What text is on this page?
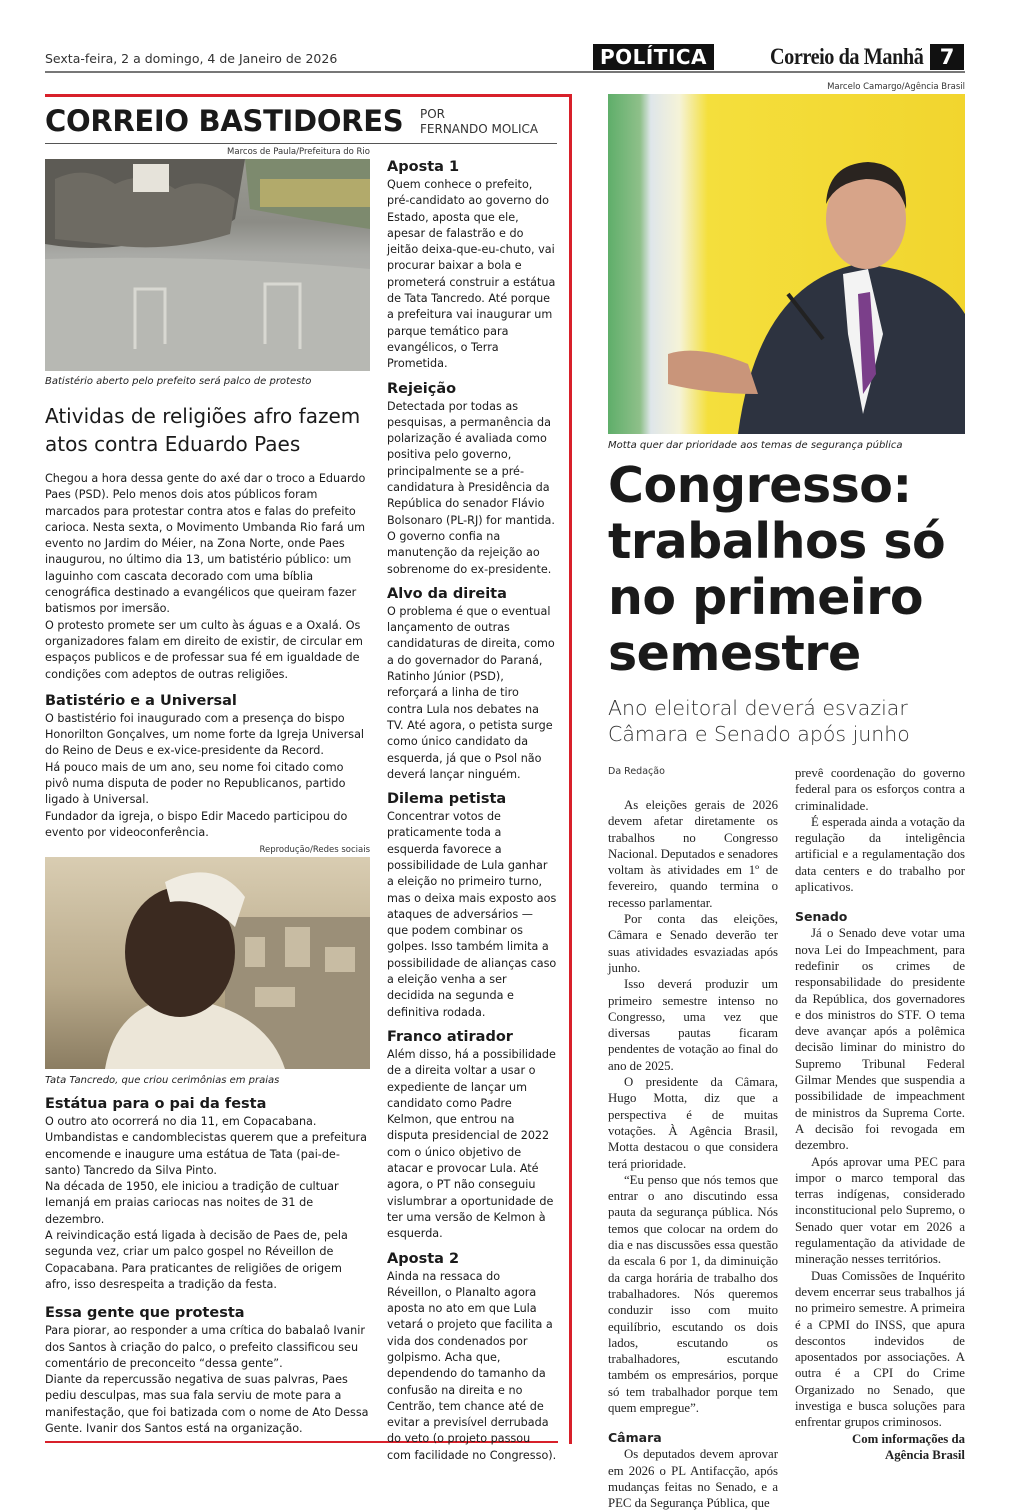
Sexta-feira, 2 a domingo, 4 de Janeiro de 2026	POLÍTICA	Correio da Manhã 7
CORREIO BASTIDORES POR
FERNANDO MOLICA
Marcos de Paula/Prefeitura do Rio
Batistério aberto pelo prefeito será palco de protesto
Atividas de religiões afro fazem atos contra Eduardo Paes

Chegou a hora dessa gente do axé dar o troco a Eduardo Paes (PSD). Pelo menos dois atos públicos foram marcados para protestar contra atos e falas do prefeito carioca. Nesta sexta, o Movimento Umbanda Rio fará um evento no Jardim do Méier, na Zona Norte, onde Paes inaugurou, no último dia 13, um batistério público: um laguinho com cascata decorado com uma bíblia cenográfica destinado a evangélicos que queiram fazer batismos por imersão.

O protesto promete ser um culto às águas e a Oxalá. Os organizadores falam em direito de existir, de circular em espaços publicos e de professar sua fé em igualdade de condições com adeptos de outras religiões.

Batistério e a Universal

O bastistério foi inaugurado com a presença do bispo Honorilton Gonçalves, um nome forte da Igreja Universal do Reino de Deus e ex-vice-presidente da Record.

Há pouco mais de um ano, seu nome foi citado como pivô numa disputa de poder no Republicanos, partido ligado à Universal.

Fundador da igreja, o bispo Edir Macedo participou do evento por videoconferência.

Reprodução/Redes sociais
Tata Tancredo, que criou cerimônias em praias
Estátua para o pai da festa

O outro ato ocorrerá no dia 11, em Copacabana. Umbandistas e candomblecistas querem que a prefeitura encomende e inaugure uma estátua de Tata (pai-de-santo) Tancredo da Silva Pinto.

Na década de 1950, ele iniciou a tradição de cultuar Iemanjá em praias cariocas nas noites de 31 de dezembro.

A reivindicação está ligada à decisão de Paes de, pela segunda vez, criar um palco gospel no Réveillon de Copacabana. Para praticantes de religiões de origem afro, isso desrespeita a tradição da festa.

Essa gente que protesta

Para piorar, ao responder a uma crítica do babalaô Ivanir dos Santos à criação do palco, o prefeito classificou seu comentário de preconceito “dessa gente”.

Diante da repercussão negativa de suas palvras, Paes pediu desculpas, mas sua fala serviu de mote para a manifestação, que foi batizada com o nome de Ato Dessa Gente. Ivanir dos Santos está na organização.

Aposta 1

Quem conhece o prefeito, pré-candidato ao governo do Estado, aposta que ele, apesar de falastrão e do jeitão deixa-que-eu-chuto, vai procurar baixar a bola e prometerá construir a estátua de Tata Tancredo. Até porque a prefeitura vai inaugurar um parque temático para evangélicos, o Terra Prometida.

Rejeição

Detectada por todas as pesquisas, a permanência da polarização é avaliada como positiva pelo governo, principalmente se a pré-candidatura à Presidência da República do senador Flávio Bolsonaro (PL-RJ) for mantida. O governo confia na manutenção da rejeição ao sobrenome do ex-presidente.

Alvo da direita

O problema é que o eventual lançamento de outras candidaturas de direita, como a do governador do Paraná, Ratinho Júnior (PSD), reforçará a linha de tiro contra Lula nos debates na TV. Até agora, o petista surge como único candidato da esquerda, já que o Psol não deverá lançar ninguém.

Dilema petista

Concentrar votos de praticamente toda a esquerda favorece a possibilidade de Lula ganhar a eleição no primeiro turno, mas o deixa mais exposto aos ataques de adversários — que podem combinar os golpes. Isso também limita a possibilidade de alianças caso a eleição venha a ser decidida na segunda e definitiva rodada.

Franco atirador

Além disso, há a possibilidade de a direita voltar a usar o expediente de lançar um candidato como Padre Kelmon, que entrou na disputa presidencial de 2022 com o único objetivo de atacar e provocar Lula. Até agora, o PT não conseguiu vislumbrar a oportunidade de ter uma versão de Kelmon à esquerda.

Aposta 2

Ainda na ressaca do Réveillon, o Planalto agora aposta no ato em que Lula vetará o projeto que facilita a vida dos condenados por golpismo. Acha que, dependendo do tamanho da confusão na direita e no Centrão, tem chance até de evitar a previsível derrubada do veto (o projeto passou com facilidade no Congresso).

Marcelo Camargo/Agência Brasil
Motta quer dar prioridade aos temas de segurança pública
Congresso: trabalhos só no primeiro semestre
Ano eleitoral deverá esvaziar Câmara e Senado após junho
Da Redação

As eleições gerais de 2026 devem afetar diretamente os trabalhos no Congresso Nacional. Deputados e senadores voltam às atividades em 1º de fevereiro, quando termina o recesso parlamentar.

Por conta das eleições, Câmara e Senado deverão ter suas atividades esvaziadas após junho.

Isso deverá produzir um primeiro semestre intenso no Congresso, uma vez que diversas pautas ficaram pendentes de votação ao final do ano de 2025.

O presidente da Câmara, Hugo Motta, diz que a perspectiva é de muitas votações. À Agência Brasil, Motta destacou o que considera terá prioridade.

“Eu penso que nós temos que entrar o ano discutindo essa pauta da segurança pública. Nós temos que colocar na ordem do dia e nas discussões essa questão da escala 6 por 1, da diminuição da carga horária de trabalho dos trabalhadores. Nós queremos conduzir isso com muito equilíbrio, escutando os dois lados, escutando os trabalhadores, escutando também os empresários, porque só tem trabalhador porque tem quem empregue”.

Câmara

Os deputados devem aprovar em 2026 o PL Antifacção, após mudanças feitas no Senado, e a PEC da Segurança Pública, que

prevê coordenação do governo federal para os esforços contra a criminalidade.

É esperada ainda a votação da regulação da inteligência artificial e a regulamentação dos data centers e do trabalho por aplicativos.

Senado

Já o Senado deve votar uma nova Lei do Impeachment, para redefinir os crimes de responsabilidade do presidente da República, dos governadores e dos ministros do STF. O tema deve avançar após a polêmica decisão liminar do ministro do Supremo Tribunal Federal Gilmar Mendes que suspendia a possibilidade de impeachment de ministros da Suprema Corte. A decisão foi revogada em dezembro.

Após aprovar uma PEC para impor o marco temporal das terras indígenas, considerado inconstitucional pelo Supremo, o Senado quer votar em 2026 a regulamentação da atividade de mineração nesses territórios.

Duas Comissões de Inquérito devem encerrar seus trabalhos já no primeiro semestre. A primeira é a CPMI do INSS, que apura descontos indevidos de aposentados por associações. A outra é a CPI do Crime Organizado no Senado, que investiga e busca soluções para enfrentar grupos criminosos.

Com informações da
Agência Brasil
